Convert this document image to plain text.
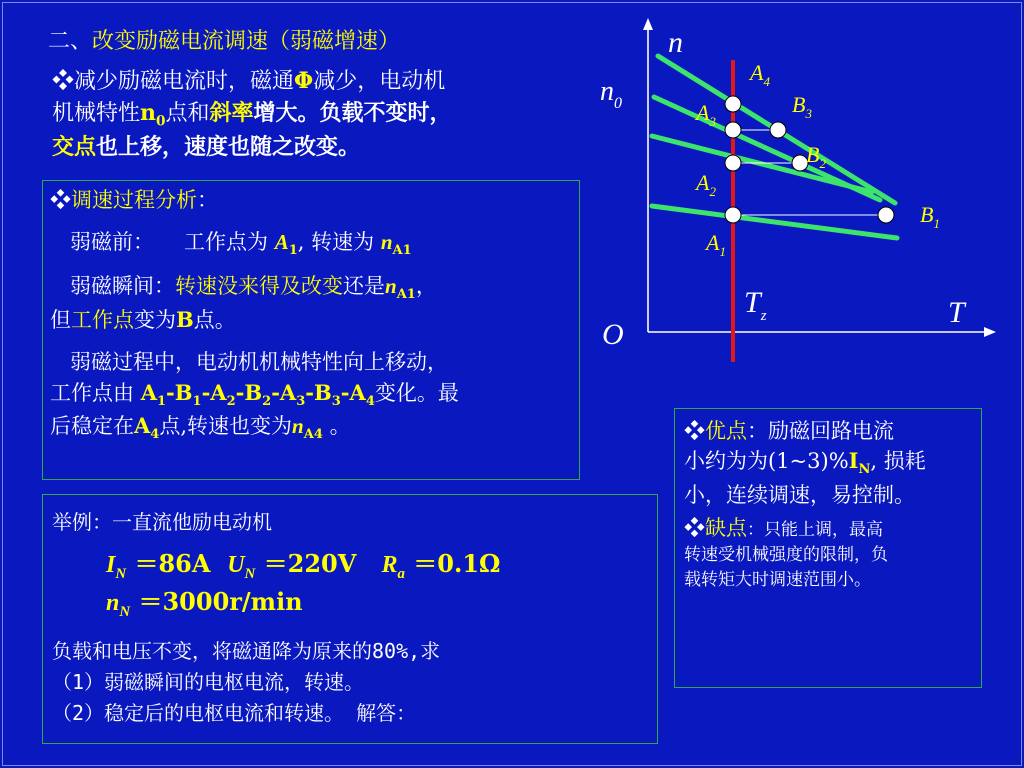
二、改变励磁电流调速（弱磁增速）
❖减少励磁电流时，磁通Φ减少，电动机
机械特性$n_0$点和斜率增大。负载不变时，
交点也上移，速度也随之改变。
❖调速过程分析：
弱磁前： 工作点为 $A_1$, 转速为 $n_{A1}$
弱磁瞬间：转速没来得及改变还是$n_{A1}$，
但工作点变为B点。
弱磁过程中，电动机机械特性向上移动，
工作点由 $A_1-B_1-A_2-B_2-A_3-B_3-A_4$变化。最
后稳定在$A_4$点,转速也变为$n_{A4}$ 。
举例：一直流他励电动机
$I_N =86A$ $U_N =220V$ $R_a =0.1\Omega$
$n_N =3000r/\min$
负载和电压不变，将磁通降为原来的80%,求
（1）弱磁瞬间的电枢电流，转速。
（2）稳定后的电枢电流和转速。 解答：
❖优点：励磁回路电流
小约为为$(1\sim 3)\%I_N$, 损耗
小，连续调速，易控制。
❖缺点：只能上调，最高
转速受机械强度的限制，负
载转矩大时调速范围小。
n
T
O
$n_0$
$T_z$
$A_4$
$B_3$
$A_3$
$B_2$
$A_2$
$B_1$
$A_1$
